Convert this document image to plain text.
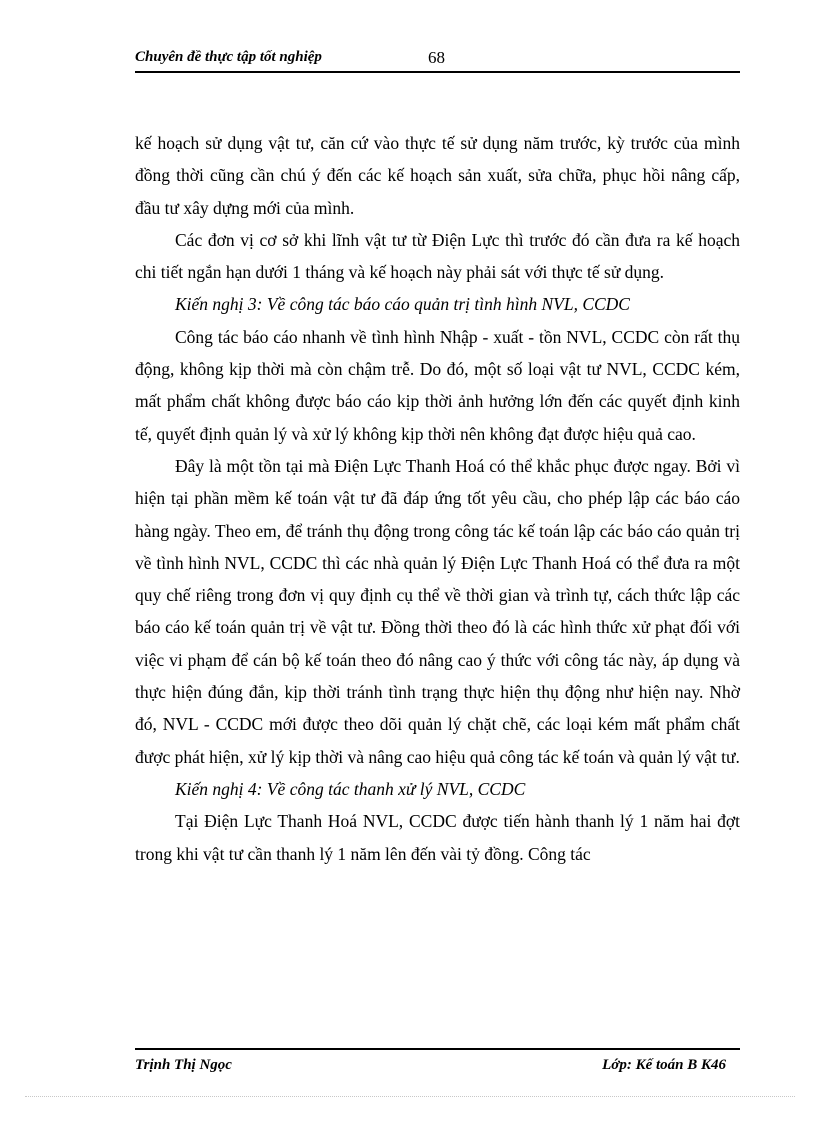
Chuyên đề thực tập tốt nghiệp	68

kế hoạch sử dụng vật tư, căn cứ vào thực tế sử dụng năm trước, kỳ trước của mình đồng thời cũng cần chú ý đến các kế hoạch sản xuất, sửa chữa, phục hồi nâng cấp, đầu tư xây dựng mới của mình.

Các đơn vị cơ sở khi lĩnh vật tư từ Điện Lực thì trước đó cần đưa ra kế hoạch chi tiết ngắn hạn dưới 1 tháng và kế hoạch này phải sát với thực tế sử dụng.

Kiến nghị 3: Về công tác báo cáo quản trị tình hình NVL, CCDC

Công tác báo cáo nhanh về tình hình Nhập - xuất - tồn NVL, CCDC còn rất thụ động, không kịp thời mà còn chậm trễ. Do đó, một số loại vật tư NVL, CCDC kém, mất phẩm chất không được báo cáo kịp thời ảnh hưởng lớn đến các quyết định kinh tế, quyết định quản lý và xử lý không kịp thời nên không đạt được hiệu quả cao.

Đây là một tồn tại mà Điện Lực Thanh Hoá có thể khắc phục được ngay. Bởi vì hiện tại phần mềm kế toán vật tư đã đáp ứng tốt yêu cầu, cho phép lập các báo cáo hàng ngày. Theo em, để tránh thụ động trong công tác kế toán lập các báo cáo quản trị về tình hình NVL, CCDC thì các nhà quản lý Điện Lực Thanh Hoá có thể đưa ra một quy chế riêng trong đơn vị quy định cụ thể về thời gian và trình tự, cách thức lập các báo cáo kế toán quản trị về vật tư. Đồng thời theo đó là các hình thức xử phạt đối với việc vi phạm để cán bộ kế toán theo đó nâng cao ý thức với công tác này, áp dụng và thực hiện đúng đắn, kịp thời tránh tình trạng thực hiện thụ động như hiện nay. Nhờ đó, NVL - CCDC mới được theo dõi quản lý chặt chẽ, các loại kém mất phẩm chất được phát hiện, xử lý kịp thời và nâng cao hiệu quả công tác kế toán và quản lý vật tư.

Kiến nghị 4: Về công tác thanh xử lý NVL, CCDC

Tại Điện Lực Thanh Hoá NVL, CCDC được tiến hành thanh lý 1 năm hai đợt trong khi vật tư cần thanh lý 1 năm lên đến vài tỷ đồng. Công tác

Trịnh Thị Ngọc	Lớp: Kế toán B K46
